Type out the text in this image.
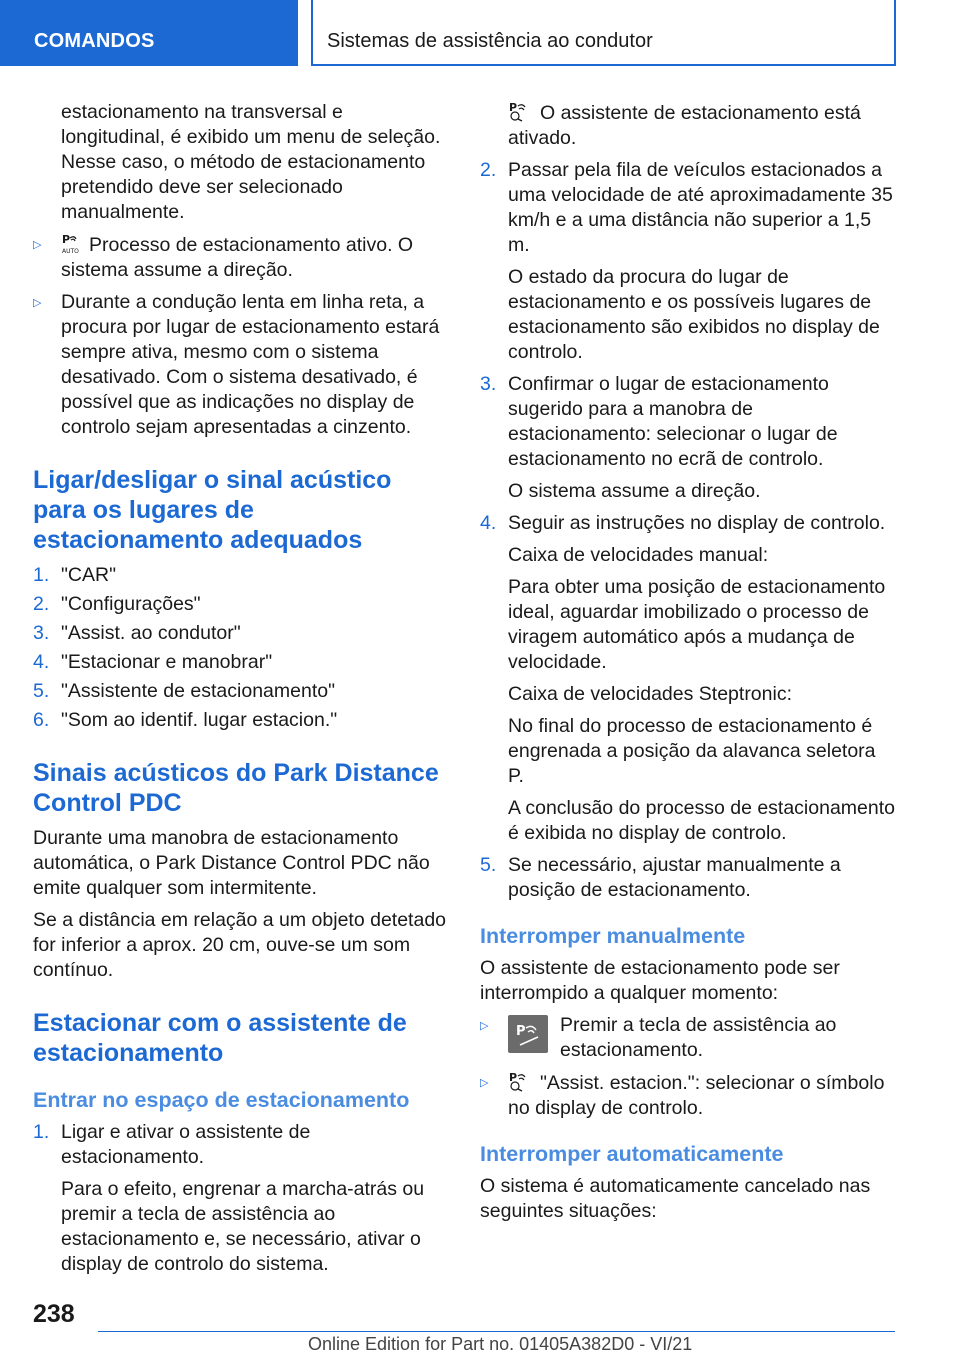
COMANDOS	Sistemas de assistência ao condutor

estacionamento na transversal e longitudinal, é exibido um menu de seleção. Nesse caso, o método de estacionamento pretendido deve ser selecionado manualmente.

▷ P
AUTO Processo de estacionamento ativo. O sistema assume a direção.
▷ Durante a condução lenta em linha reta, a procura por lugar de estacionamento estará sempre ativa, mesmo com o sistema desativado. Com o sistema desativado, é possível que as indicações no display de controlo sejam apresentadas a cinzento.
Ligar/desligar o sinal acústico para os lugares de estacionamento adequados
1. "CAR"
2. "Configurações"
3. "Assist. ao condutor"
4. "Estacionar e manobrar"
5. "Assistente de estacionamento"
6. "Som ao identif. lugar estacion."
Sinais acústicos do Park Distance Control PDC

Durante uma manobra de estacionamento automática, o Park Distance Control PDC não emite qualquer som intermitente.

Se a distância em relação a um objeto detetado for inferior a aprox. 20 cm, ouve-se um som contínuo.

Estacionar com o assistente de estacionamento
Entrar no espaço de estacionamento
1. Ligar e ativar o assistente de estacionamento.

Para o efeito, engrenar a marcha-atrás ou premir a tecla de assistência ao estacionamento e, se necessário, ativar o display de controlo do sistema.

P O assistente de estacionamento está ativado.

2. Passar pela fila de veículos estacionados a uma velocidade de até aproximadamente 35 km/h e a uma distância não superior a 1,5 m.

O estado da procura do lugar de estacionamento e os possíveis lugares de estacionamento são exibidos no display de controlo.

3. Confirmar o lugar de estacionamento sugerido para a manobra de estacionamento: selecionar o lugar de estacionamento no ecrã de controlo.

O sistema assume a direção.

4. Seguir as instruções no display de controlo.

Caixa de velocidades manual:

Para obter uma posição de estacionamento ideal, aguardar imobilizado o processo de viragem automático após a mudança de velocidade.

Caixa de velocidades Steptronic:

No final do processo de estacionamento é engrenada a posição da alavanca seletora P.

A conclusão do processo de estacionamento é exibida no display de controlo.

5. Se necessário, ajustar manualmente a posição de estacionamento.
Interromper manualmente

O assistente de estacionamento pode ser interrompido a qualquer momento:

▷ P Premir a tecla de assistência ao estacionamento.
▷ P "Assist. estacion.": selecionar o símbolo no display de controlo.
Interromper automaticamente

O sistema é automaticamente cancelado nas seguintes situações:

238
Online Edition for Part no. 01405A382D0 - VI/21
